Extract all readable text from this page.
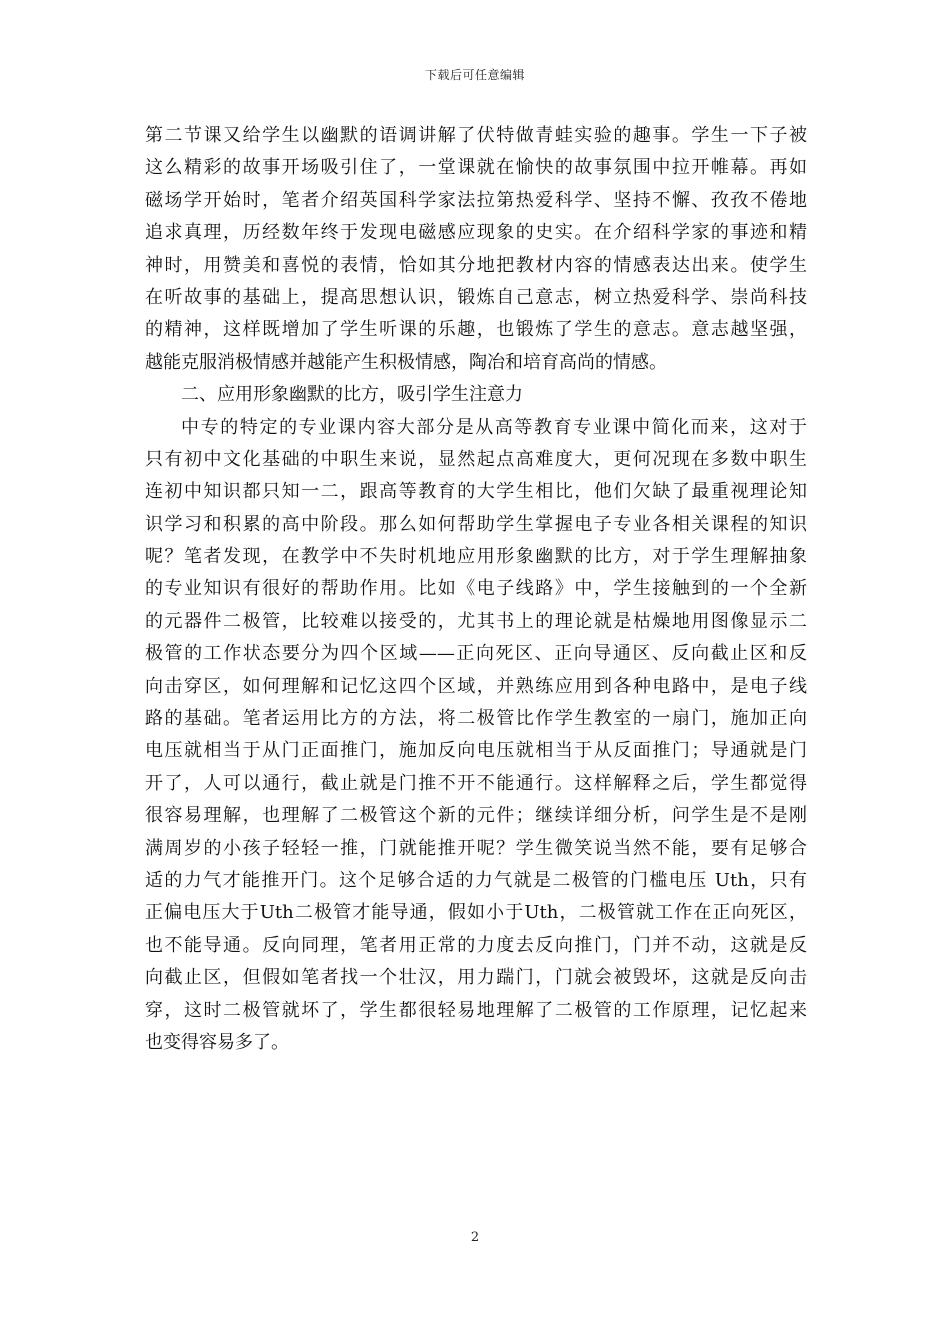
下载后可任意编辑
第二节课又给学生以幽默的语调讲解了伏特做青蛙实验的趣事。学生一下子被
这么精彩的故事开场吸引住了，一堂课就在愉快的故事氛围中拉开帷幕。再如
磁场学开始时，笔者介绍英国科学家法拉第热爱科学、坚持不懈、孜孜不倦地
追求真理，历经数年终于发现电磁感应现象的史实。在介绍科学家的事迹和精
神时，用赞美和喜悦的表情，恰如其分地把教材内容的情感表达出来。使学生
在听故事的基础上，提高思想认识，锻炼自己意志，树立热爱科学、崇尚科技
的精神，这样既增加了学生听课的乐趣，也锻炼了学生的意志。意志越坚强，
越能克服消极情感并越能产生积极情感，陶冶和培育高尚的情感。
二、应用形象幽默的比方，吸引学生注意力
中专的特定的专业课内容大部分是从高等教育专业课中简化而来，这对于
只有初中文化基础的中职生来说，显然起点高难度大，更何况现在多数中职生
连初中知识都只知一二，跟高等教育的大学生相比，他们欠缺了最重视理论知
识学习和积累的高中阶段。那么如何帮助学生掌握电子专业各相关课程的知识
呢？笔者发现，在教学中不失时机地应用形象幽默的比方，对于学生理解抽象
的专业知识有很好的帮助作用。比如《电子线路》中，学生接触到的一个全新
的元器件二极管，比较难以接受的，尤其书上的理论就是枯燥地用图像显示二
极管的工作状态要分为四个区域——正向死区、正向导通区、反向截止区和反
向击穿区，如何理解和记忆这四个区域，并熟练应用到各种电路中，是电子线
路的基础。笔者运用比方的方法，将二极管比作学生教室的一扇门，施加正向
电压就相当于从门正面推门，施加反向电压就相当于从反面推门；导通就是门
开了，人可以通行，截止就是门推不开不能通行。这样解释之后，学生都觉得
很容易理解，也理解了二极管这个新的元件；继续详细分析，问学生是不是刚
满周岁的小孩子轻轻一推，门就能推开呢？学生微笑说当然不能，要有足够合
适的力气才能推开门。这个足够合适的力气就是二极管的门槛电压 Uth，只有
正偏电压大于Uth二极管才能导通，假如小于Uth，二极管就工作在正向死区，
也不能导通。反向同理，笔者用正常的力度去反向推门，门并不动，这就是反
向截止区，但假如笔者找一个壮汉，用力踹门，门就会被毁坏，这就是反向击
穿，这时二极管就坏了，学生都很轻易地理解了二极管的工作原理，记忆起来
也变得容易多了。
2
